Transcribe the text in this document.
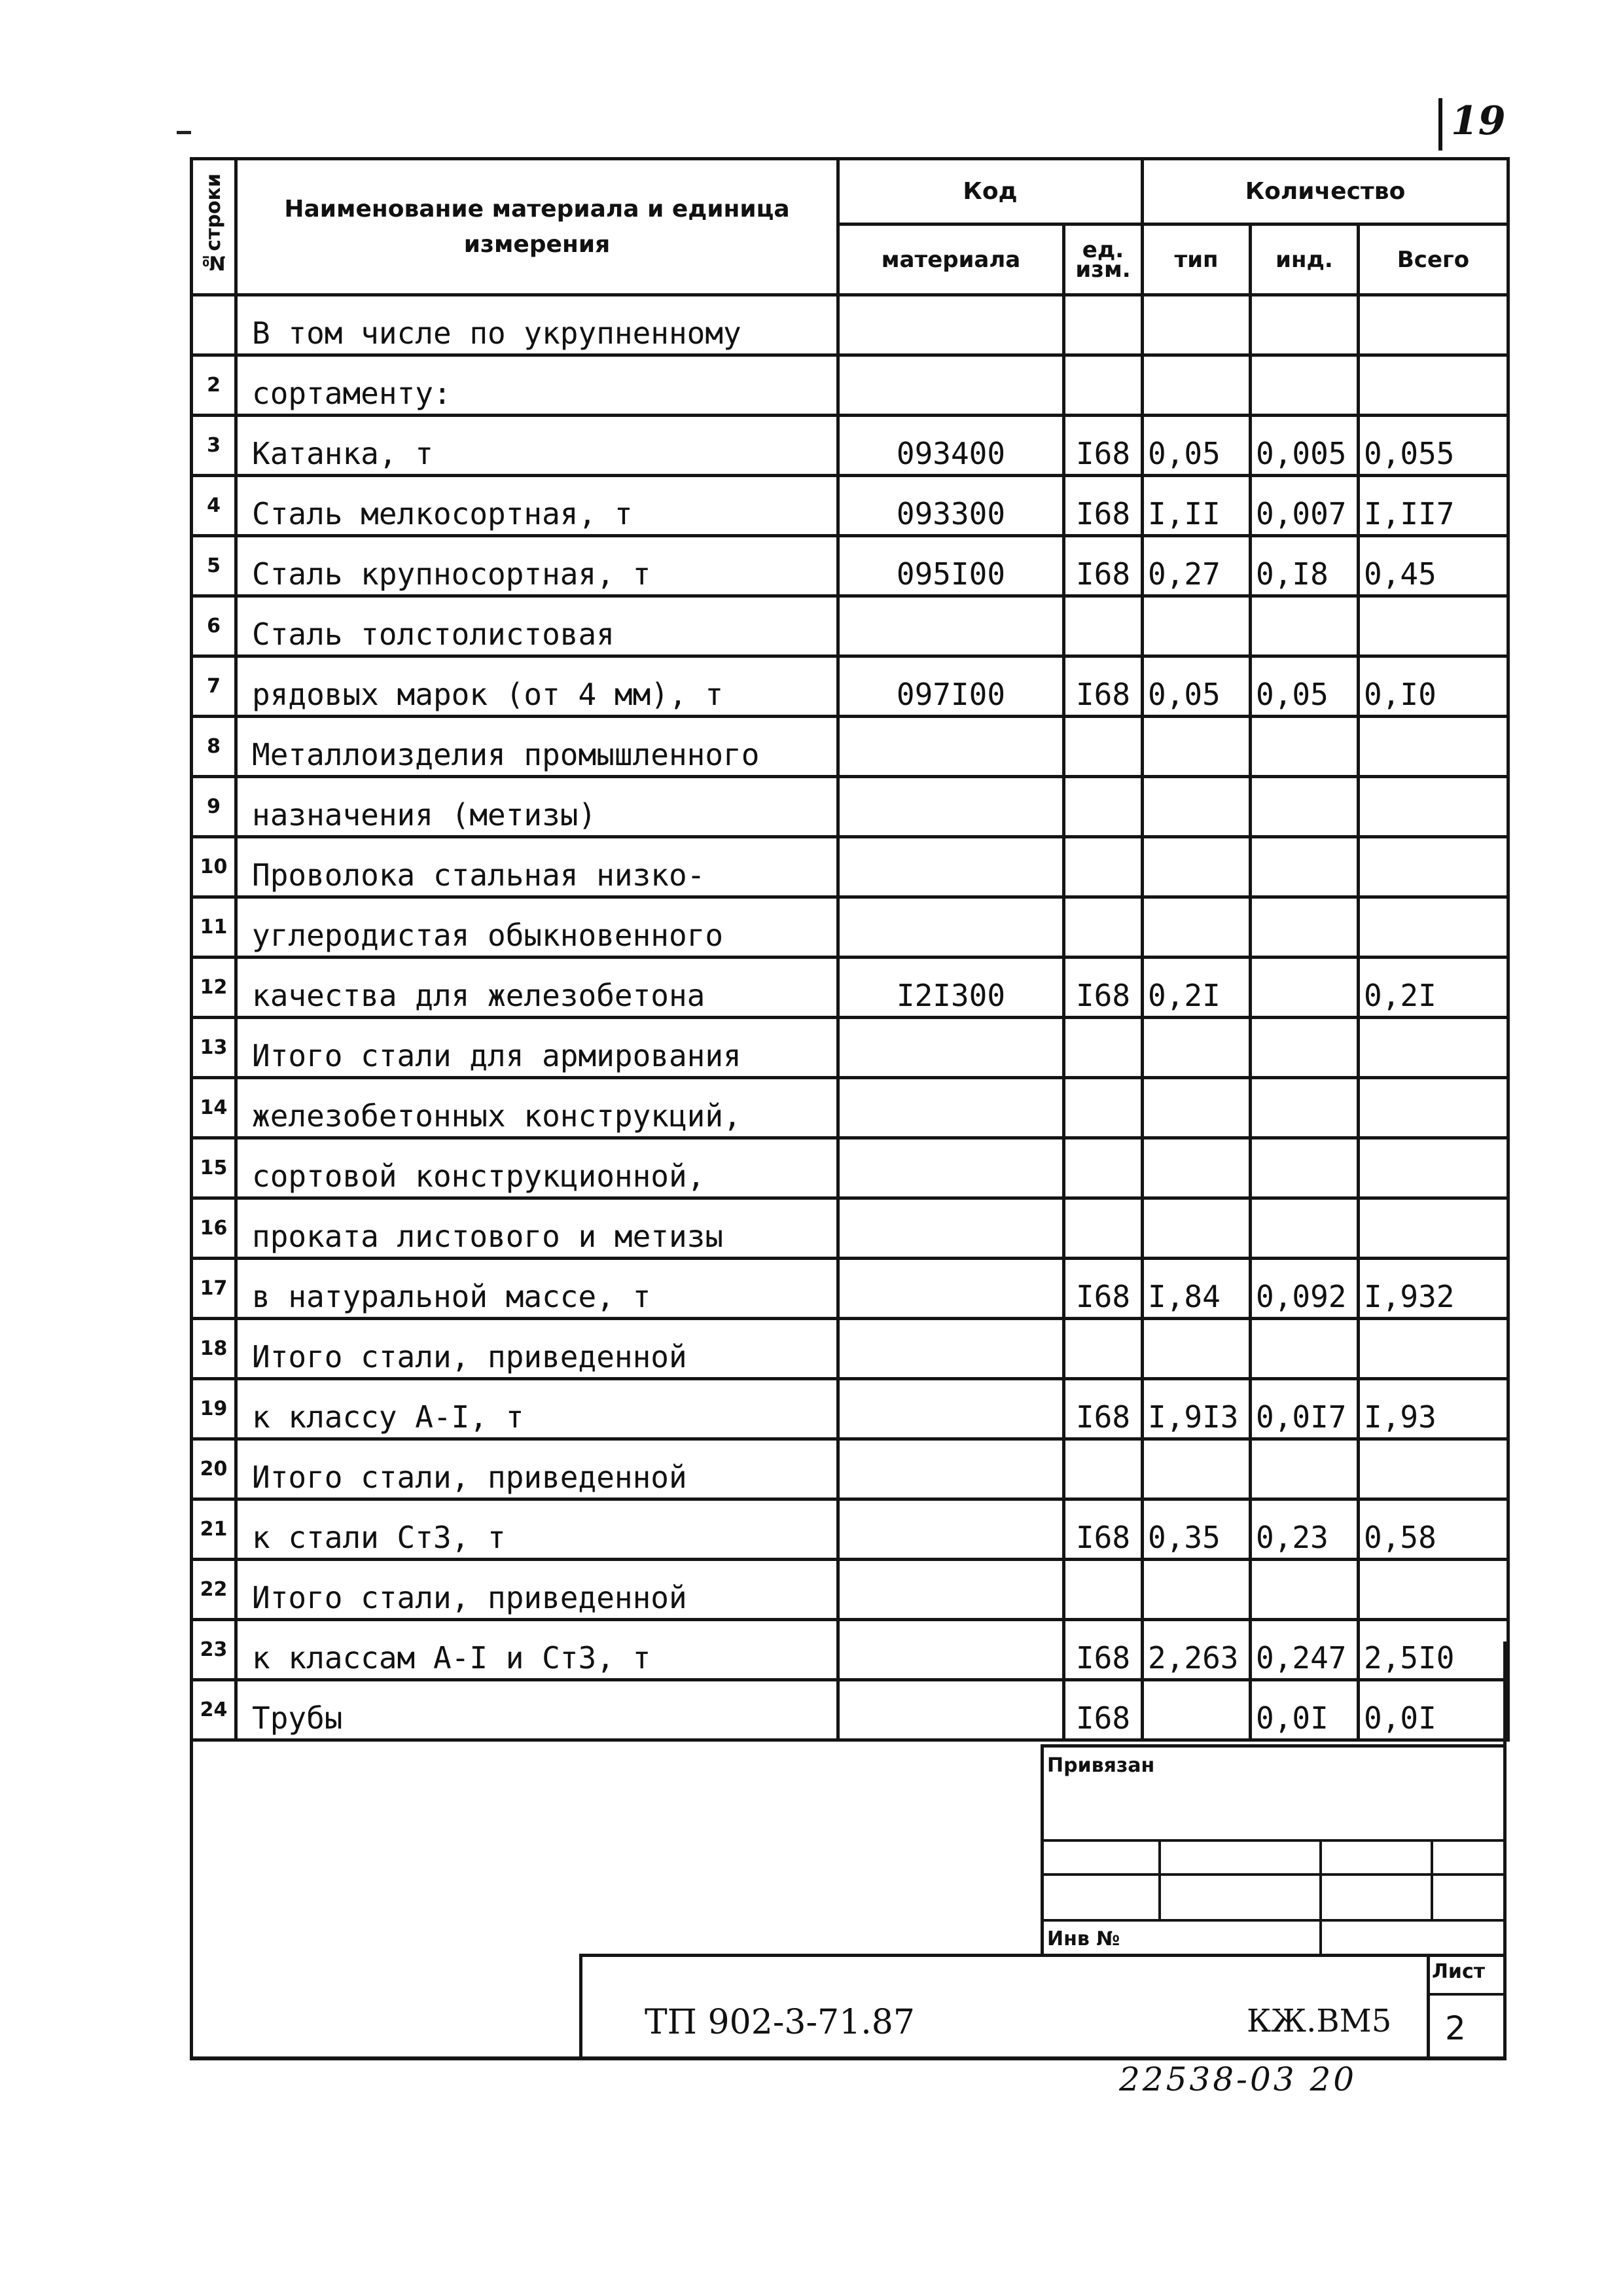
19
№строки	Наименование материала и единица измерения	Код		Количество		
		материала	ед. изм.	тип	инд.	Всего
	В том числе по укрупненному					
2	сортаменту:					
3	Катанка, т	093400	I68	0,05	0,005	0,055
4	Сталь мелкосортная, т	093300	I68	I,II	0,007	I,II7
5	Сталь крупносортная, т	095I00	I68	0,27	0,I8	0,45
6	Сталь толстолистовая					
7	рядовых марок (от 4 мм), т	097I00	I68	0,05	0,05	0,I0
8	Металлоизделия промышленного					
9	назначения (метизы)					
10	Проволока стальная низко-					
11	углеродистая обыкновенного					
12	качества для железобетона	I2I300	I68	0,2I		0,2I
13	Итого стали для армирования					
14	железобетонных конструкций,					
15	сортовой конструкционной,					
16	проката листового и метизы					
17	в натуральной массе, т		I68	I,84	0,092	I,932
18	Итого стали, приведенной					
19	к классу А-I, т		I68	I,9I3	0,0I7	I,93
20	Итого стали, приведенной					
21	к стали Ст3, т		I68	0,35	0,23	0,58
22	Итого стали, приведенной					
23	к классам А-I и Ст3, т		I68	2,263	0,247	2,5I0
24	Трубы		I68		0,0I	0,0I
Привязан
Инв №
ТП 902-3-71.87	КЖ.ВМ5
Лист
2
22538-03 20
